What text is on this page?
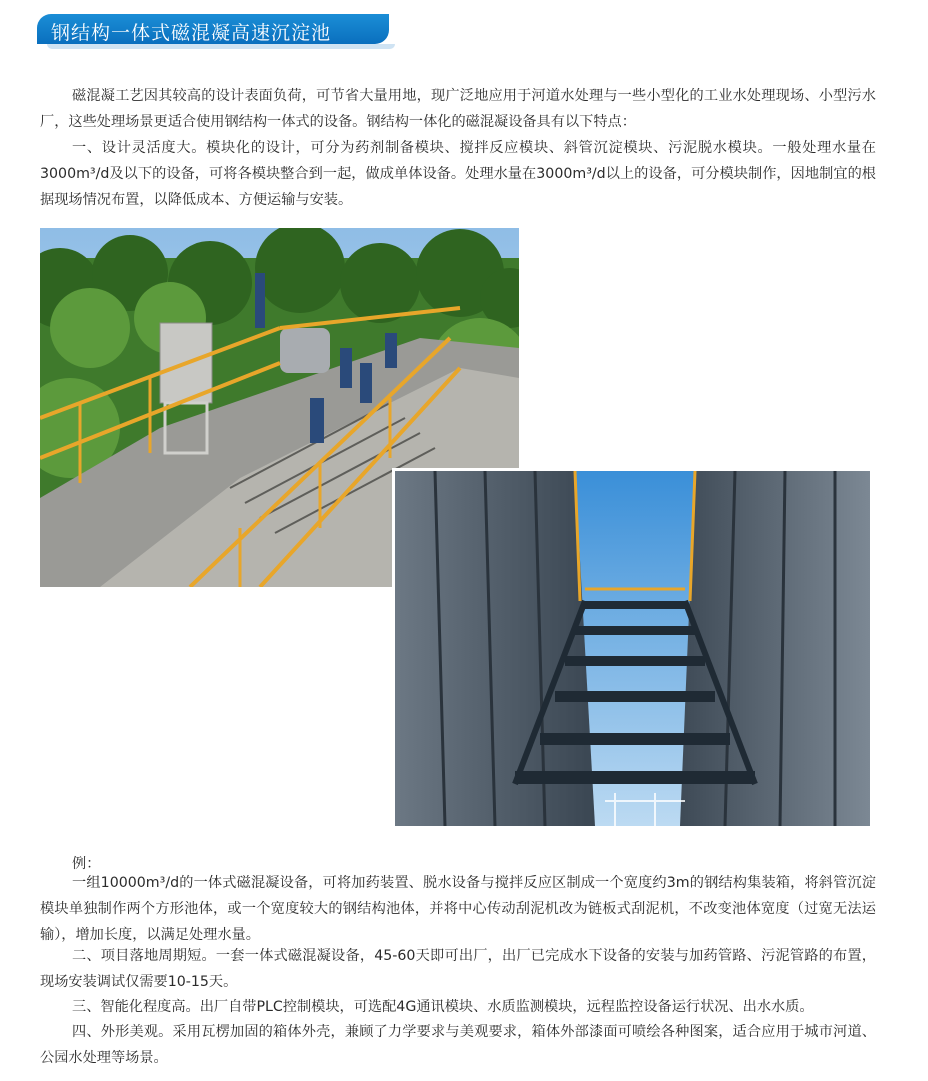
钢结构一体式磁混凝高速沉淀池

磁混凝工艺因其较高的设计表面负荷，可节省大量用地，现广泛地应用于河道水处理与一些小型化的工业水处理现场、小型污水厂，这些处理场景更适合使用钢结构一体式的设备。钢结构一体化的磁混凝设备具有以下特点：

一、设计灵活度大。模块化的设计，可分为药剂制备模块、搅拌反应模块、斜管沉淀模块、污泥脱水模块。一般处理水量在3000m³/d及以下的设备，可将各模块整合到一起，做成单体设备。处理水量在3000m³/d以上的设备，可分模块制作，因地制宜的根据现场情况布置，以降低成本、方便运输与安装。

例：

一组10000m³/d的一体式磁混凝设备，可将加药装置、脱水设备与搅拌反应区制成一个宽度约3m的钢结构集装箱，将斜管沉淀模块单独制作两个方形池体，或一个宽度较大的钢结构池体，并将中心传动刮泥机改为链板式刮泥机，不改变池体宽度（过宽无法运输），增加长度，以满足处理水量。

二、项目落地周期短。一套一体式磁混凝设备，45-60天即可出厂，出厂已完成水下设备的安装与加药管路、污泥管路的布置，现场安装调试仅需要10-15天。

三、智能化程度高。出厂自带PLC控制模块，可选配4G通讯模块、水质监测模块，远程监控设备运行状况、出水水质。

四、外形美观。采用瓦楞加固的箱体外壳，兼顾了力学要求与美观要求，箱体外部漆面可喷绘各种图案，适合应用于城市河道、公园水处理等场景。
